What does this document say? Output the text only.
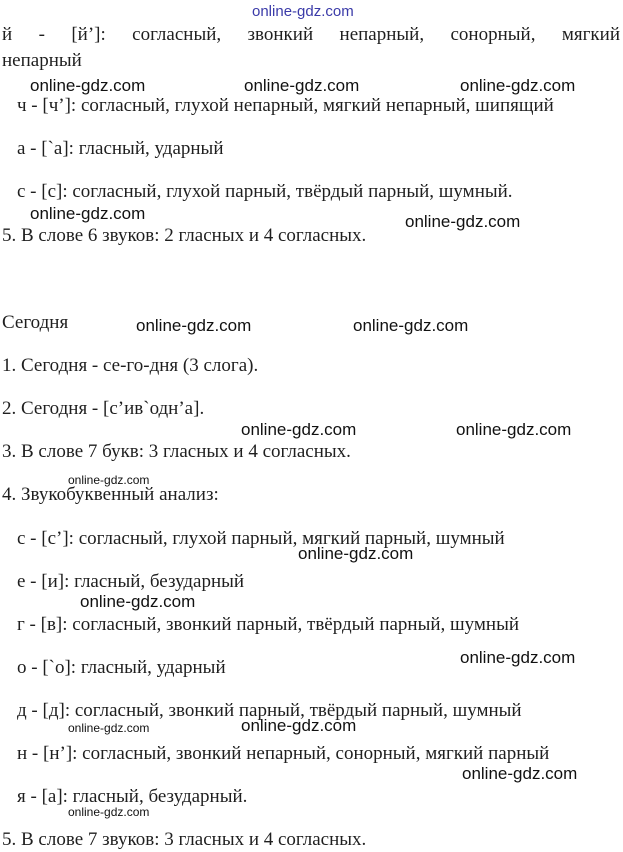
online-gdz.com
й - [й’]: согласный, звонкий непарный, сонорный, мягкий
непарный
ч - [ч’]: согласный, глухой непарный, мягкий непарный, шипящий
а - [`а]: гласный, ударный
с - [с]: согласный, глухой парный, твёрдый парный, шумный.
5. В слове 6 звуков: 2 гласных и 4 согласных.
Сегодня
1. Сегодня - се-го-дня (3 слога).
2. Сегодня - [с’ив`одн’а].
3. В слове 7 букв: 3 гласных и 4 согласных.
4. Звукобуквенный анализ:
с - [с’]: согласный, глухой парный, мягкий парный, шумный
е - [и]: гласный, безударный
г - [в]: согласный, звонкий парный, твёрдый парный, шумный
о - [`о]: гласный, ударный
д - [д]: согласный, звонкий парный, твёрдый парный, шумный
н - [н’]: согласный, звонкий непарный, сонорный, мягкий парный
я - [а]: гласный, безударный.
5. В слове 7 звуков: 3 гласных и 4 согласных.
online-gdz.com	online-gdz.com	online-gdz.com
online-gdz.com	online-gdz.com
online-gdz.com	online-gdz.com
online-gdz.com	online-gdz.com
online-gdz.com
online-gdz.com
online-gdz.com
online-gdz.com
online-gdz.com	online-gdz.com
online-gdz.com
online-gdz.com
